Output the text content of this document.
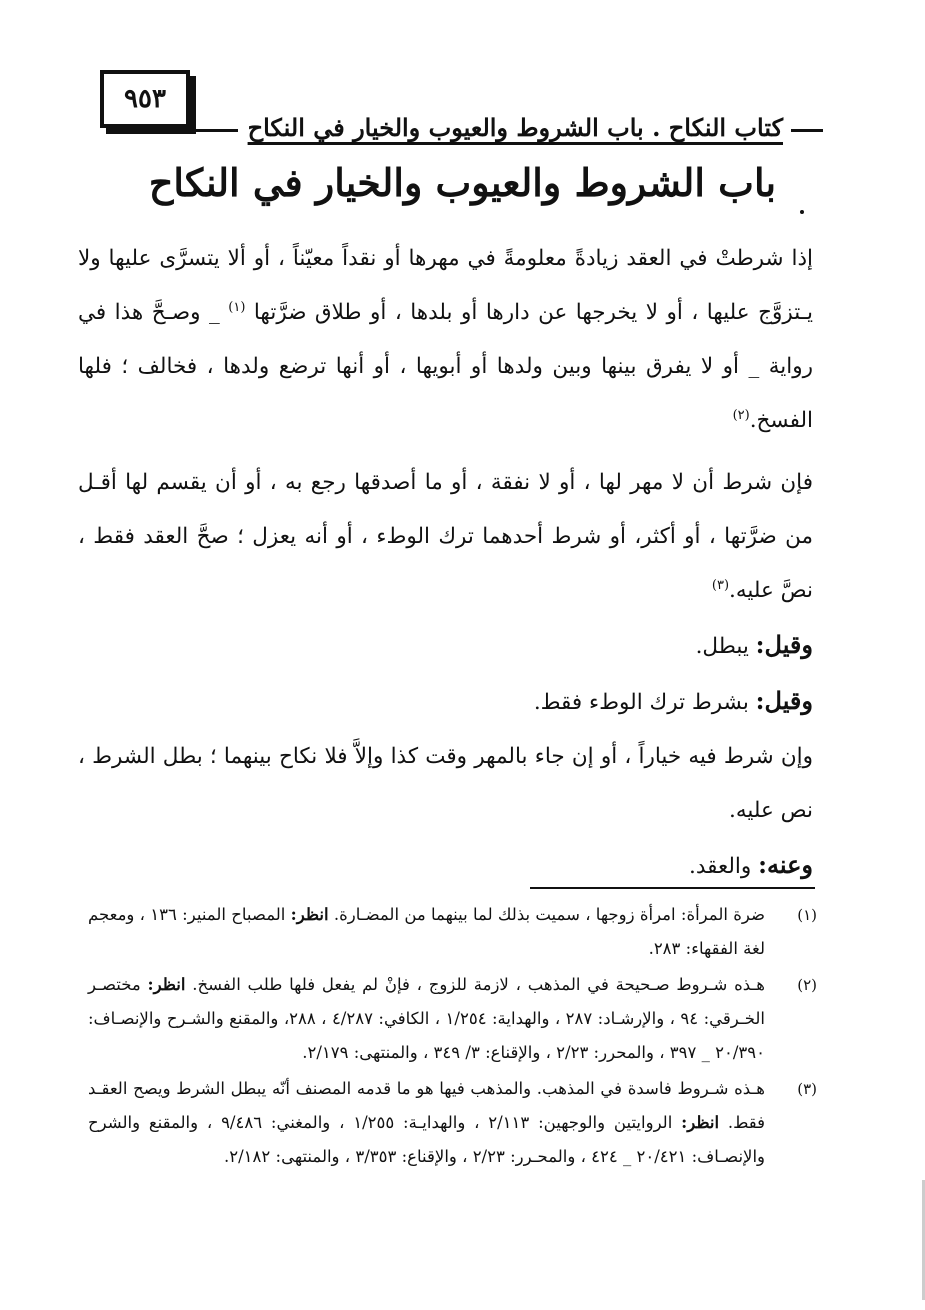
٩٥٣
كتاب النكاح . باب الشروط والعيوب والخيار في النكاح
باب الشروط والعيوب والخيار في النكاح

إذا شرطتْ في العقد زيادةً معلومةً في مهرها أو نقداً معيّناً ، أو ألا يتسرَّى عليها ولا يـتزوَّج عليها ، أو لا يخرجها عن دارها أو بلدها ، أو طلاق ضرَّتها $^{(١)}$ _ وصـحَّ هذا في رواية _ أو لا يفرق بينها وبين ولدها أو أبويها ، أو أنها ترضع ولدها ، فخالف ؛ فلها الفسخ.$^{(٢)}$

فإن شرط أن لا مهر لها ، أو لا نفقة ، أو ما أصدقها رجع به ، أو أن يقسم لها أقـل من ضرَّتها ، أو أكثر، أو شرط أحدهما ترك الوطء ، أو أنه يعزل ؛ صحَّ العقد فقط ، نصَّ عليه.$^{(٣)}$

وقيل: يبطل.

وقيل: بشرط ترك الوطء فقط.

وإن شرط فيه خياراً ، أو إن جاء بالمهر وقت كذا وإلاَّ فلا نكاح بينهما ؛ بطل الشرط ، نص عليه.

وعنه: والعقد.

(١)
ضرة المرأة: امرأة زوجها ، سميت بذلك لما بينهما من المضـارة. انظر: المصباح المنير: ١٣٦ ، ومعجم لغة الفقهاء: ٢٨٣.
(٢)
هـذه شـروط صـحيحة في المذهب ، لازمة للزوج ، فإنْ لم يفعل فلها طلب الفسخ. انظر: مختصـر الخـرقي: ٩٤ ، والإرشـاد: ٢٨٧ ، والهداية: ١/٢٥٤ ، الكافي: ٤/٢٨٧ ، ٢٨٨، والمقنع والشـرح والإنصـاف: ٢٠/٣٩٠ _ ٣٩٧ ، والمحرر: ٢/٢٣ ، والإقناع: ٣/ ٣٤٩ ، والمنتهى: ٢/١٧٩.
(٣)
هـذه شـروط فاسدة في المذهب. والمذهب فيها هو ما قدمه المصنف أنّه يبطل الشرط ويصح العقـد فقط. انظر: الروايتين والوجهين: ٢/١١٣ ، والهدايـة: ١/٢٥٥ ، والمغني: ٩/٤٨٦ ، والمقنع والشرح والإنصـاف: ٢٠/٤٢١ _ ٤٢٤ ، والمحـرر: ٢/٢٣ ، والإقناع: ٣/٣٥٣ ، والمنتهى: ٢/١٨٢.
